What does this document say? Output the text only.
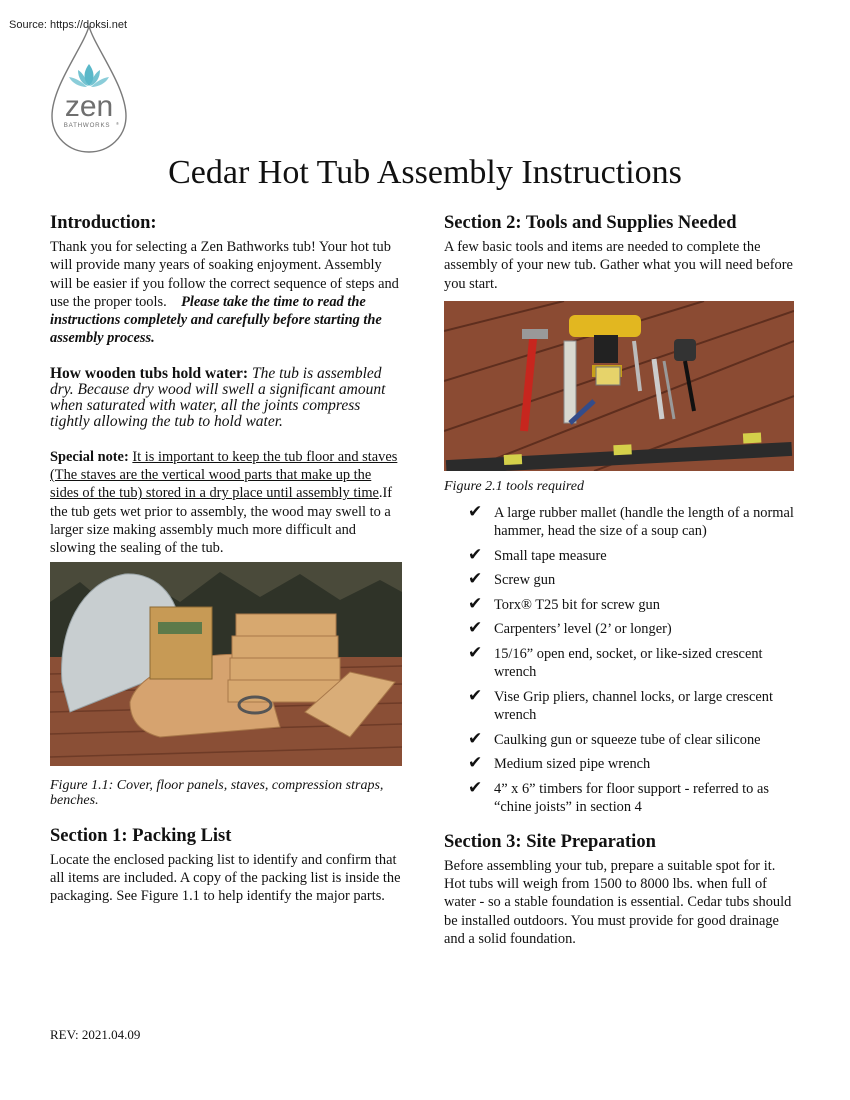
Source: https://doksi.net
zen
BATHWORKS ®
Cedar Hot Tub Assembly Instructions
Introduction:

Thank you for selecting a Zen Bathworks tub! Your hot tub will provide many years of soaking enjoyment. Assembly will be easier if you follow the correct sequence of steps and use the proper tools. Please take the time to read the instructions completely and carefully before starting the assembly process.

How wooden tubs hold water: The tub is assembled dry. Because dry wood will swell a significant amount when saturated with water, all the joints compress tightly allowing the tub to hold water.

Special note: It is important to keep the tub floor and staves (The staves are the vertical wood parts that make up the sides of the tub) stored in a dry place until assembly time.If the tub gets wet prior to assembly, the wood may swell to a larger size making assembly much more difficult and slowing the sealing of the tub.

Figure 1.1: Cover, floor panels, staves, compression straps, benches.

Section 1: Packing List

Locate the enclosed packing list to identify and confirm that all items are included. A copy of the packing list is inside the packaging. See Figure 1.1 to help identify the major parts.

Section 2: Tools and Supplies Needed

A few basic tools and items are needed to complete the assembly of your new tub. Gather what you will need before you start.

Figure 2.1 tools required

✔ A large rubber mallet (handle the length of a normal hammer, head the size of a soup can)
✔ Small tape measure
✔ Screw gun
✔ Torx® T25 bit for screw gun
✔ Carpenters’ level (2’ or longer)
✔ 15/16” open end, socket, or like-sized crescent wrench
✔ Vise Grip pliers, channel locks, or large crescent wrench
✔ Caulking gun or squeeze tube of clear silicone
✔ Medium sized pipe wrench
✔ 4” x 6” timbers for floor support - referred to as “chine joists” in section 4
Section 3: Site Preparation

Before assembling your tub, prepare a suitable spot for it. Hot tubs will weigh from 1500 to 8000 lbs. when full of water - so a stable foundation is essential. Cedar tubs should be installed outdoors. You must provide for good drainage and a solid foundation.

REV: 2021.04.09
